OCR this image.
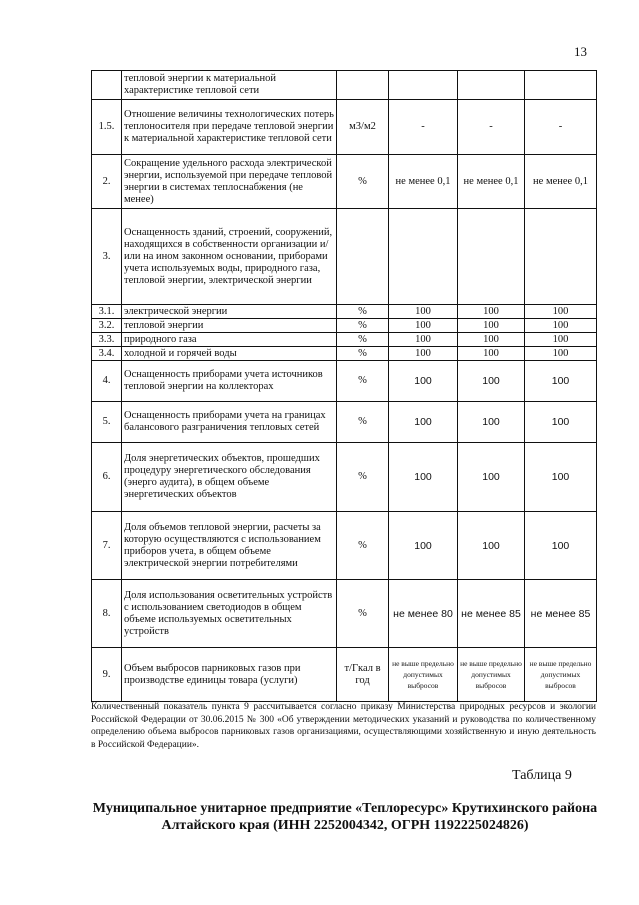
13
	тепловой энергии к материальной характеристике тепловой сети				
1.5.	Отношение величины технологических потерь теплоносителя при передаче тепловой энергии к материальной характеристике тепловой сети	м3/м2	-	-	-
2.	Сокращение удельного расхода электрической энергии, используемой при передаче тепловой энергии в системах теплоснабжения (не менее)	%	не менее 0,1	не менее 0,1	не менее 0,1
3.	Оснащенность зданий, строений, сооружений, находящихся в собственности организации и/или на ином законном основании, приборами учета используемых воды, природного газа, тепловой энергии, электрической энергии				
3.1.	электрической энергии	%	100	100	100
3.2.	тепловой энергии	%	100	100	100
3.3.	природного газа	%	100	100	100
3.4.	холодной и горячей воды	%	100	100	100
4.	Оснащенность приборами учета источников тепловой энергии на коллекторах	%	100	100	100
5.	Оснащенность приборами учета на границах балансового разграничения тепловых сетей	%	100	100	100
6.	Доля энергетических объектов, прошедших процедуру энергетического обследования (энерго аудита), в общем объеме энергетических объектов	%	100	100	100
7.	Доля объемов тепловой энергии, расчеты за которую осуществляются с использованием приборов учета, в общем объеме электрической энергии потребителями	%	100	100	100
8.	Доля использования осветительных устройств с использованием светодиодов в общем объеме используемых осветительных устройств	%	не менее 80	не менее 85	не менее 85
9.	Объем выбросов парниковых газов при производстве единицы товара (услуги)	т/Гкал в год	не выше предельно допустимых выбросов	не выше предельно допустимых выбросов	не выше предельно допустимых выбросов
Количественный показатель пункта 9 рассчитывается согласно приказу Министерства природных ресурсов и экологии Российской Федерации от 30.06.2015 № 300 «Об утверждении методических указаний и руководства по количественному определению объема выбросов парниковых газов организациями, осуществляющими хозяйственную и иную деятельность в Российской Федерации».
Таблица 9
Муниципальное унитарное предприятие «Теплоресурс» Крутихинского района Алтайского края (ИНН 2252004342, ОГРН 1192225024826)
